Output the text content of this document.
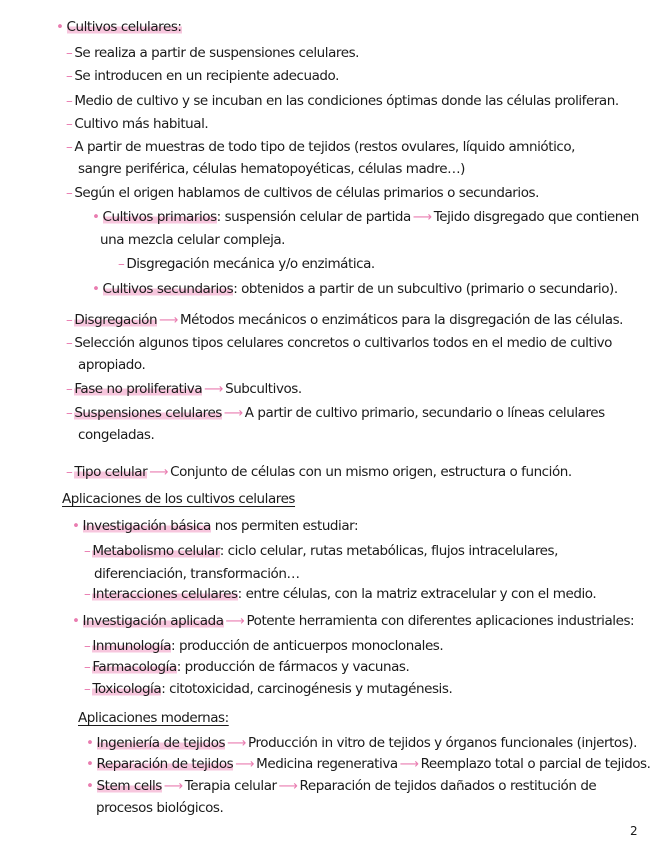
• Cultivos celulares:
– Se realiza a partir de suspensiones celulares.
– Se introducen en un recipiente adecuado.
– Medio de cultivo y se incuban en las condiciones óptimas donde las células proliferan.
– Cultivo más habitual.
– A partir de muestras de todo tipo de tejidos (restos ovulares, líquido amniótico,
sangre periférica, células hematopoyéticas, células madre…)
– Según el origen hablamos de cultivos de células primarios o secundarios.
• Cultivos primarios: suspensión celular de partida ⟶ Tejido disgregado que contienen
una mezcla celular compleja.
– Disgregación mecánica y/o enzimática.
• Cultivos secundarios: obtenidos a partir de un subcultivo (primario o secundario).
– Disgregación ⟶ Métodos mecánicos o enzimáticos para la disgregación de las células.
– Selección algunos tipos celulares concretos o cultivarlos todos en el medio de cultivo
apropiado.
– Fase no proliferativa ⟶ Subcultivos.
– Suspensiones celulares ⟶ A partir de cultivo primario, secundario o líneas celulares
congeladas.
– Tipo celular ⟶ Conjunto de células con un mismo origen, estructura o función.
Aplicaciones de los cultivos celulares
• Investigación básica nos permiten estudiar:
– Metabolismo celular: ciclo celular, rutas metabólicas, flujos intracelulares,
diferenciación, transformación…
– Interacciones celulares: entre células, con la matriz extracelular y con el medio.
• Investigación aplicada ⟶ Potente herramienta con diferentes aplicaciones industriales:
– Inmunología: producción de anticuerpos monoclonales.
– Farmacología: producción de fármacos y vacunas.
– Toxicología: citotoxicidad, carcinogénesis y mutagénesis.
Aplicaciones modernas:
• Ingeniería de tejidos ⟶ Producción in vitro de tejidos y órganos funcionales (injertos).
• Reparación de tejidos ⟶ Medicina regenerativa ⟶ Reemplazo total o parcial de tejidos.
• Stem cells ⟶ Terapia celular ⟶ Reparación de tejidos dañados o restitución de
procesos biológicos.
2
